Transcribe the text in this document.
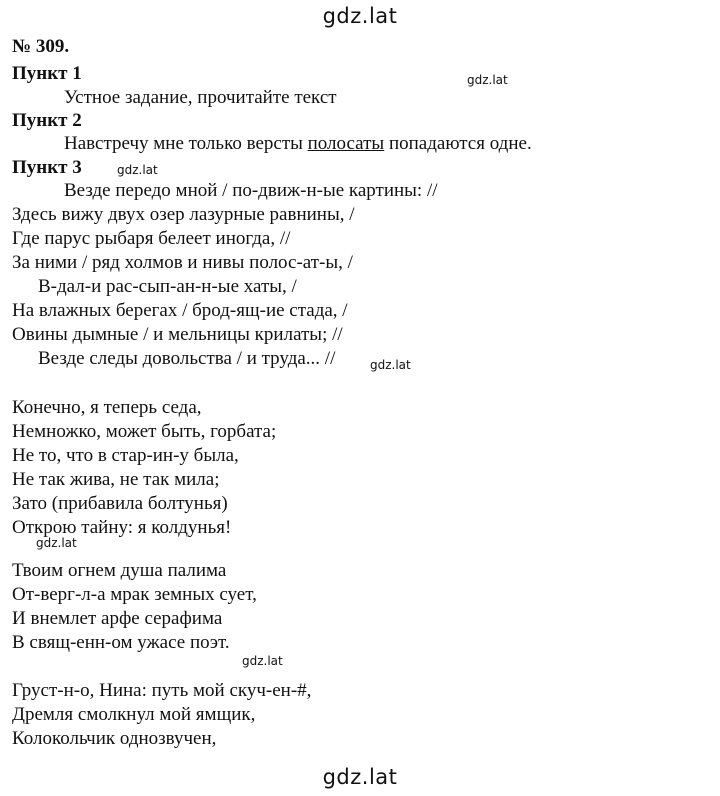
gdz.lat
gdz.lat
gdz.lat
gdz.lat
gdz.lat
gdz.lat
gdz.lat
№ 309.
Пункт 1
Устное задание, прочитайте текст
Пункт 2
Навстречу мне только версты полосаты попадаются одне.
Пункт 3
Везде передо мной / по-движ-н-ые картины: //
Здесь вижу двух озер лазурные равнины, /
Где парус рыбаря белеет иногда, //
За ними / ряд холмов и нивы полос-ат-ы, /
В-дал-и рас-сып-ан-н-ые хаты, /
На влажных берегах / брод-ящ-ие стада, /
Овины дымные / и мельницы крилаты; //
Везде следы довольства / и труда... //
Конечно, я теперь седа,
Немножко, может быть, горбата;
Не то, что в стар-ин-у была,
Не так жива, не так мила;
Зато (прибавила болтунья)
Открою тайну: я колдунья!
Твоим огнем душа палима
От-верг-л-а мрак земных сует,
И внемлет арфе серафима
В свящ-енн-ом ужасе поэт.
Груст-н-о, Нина: путь мой скуч-ен-#,
Дремля смолкнул мой ямщик,
Колокольчик однозвучен,
